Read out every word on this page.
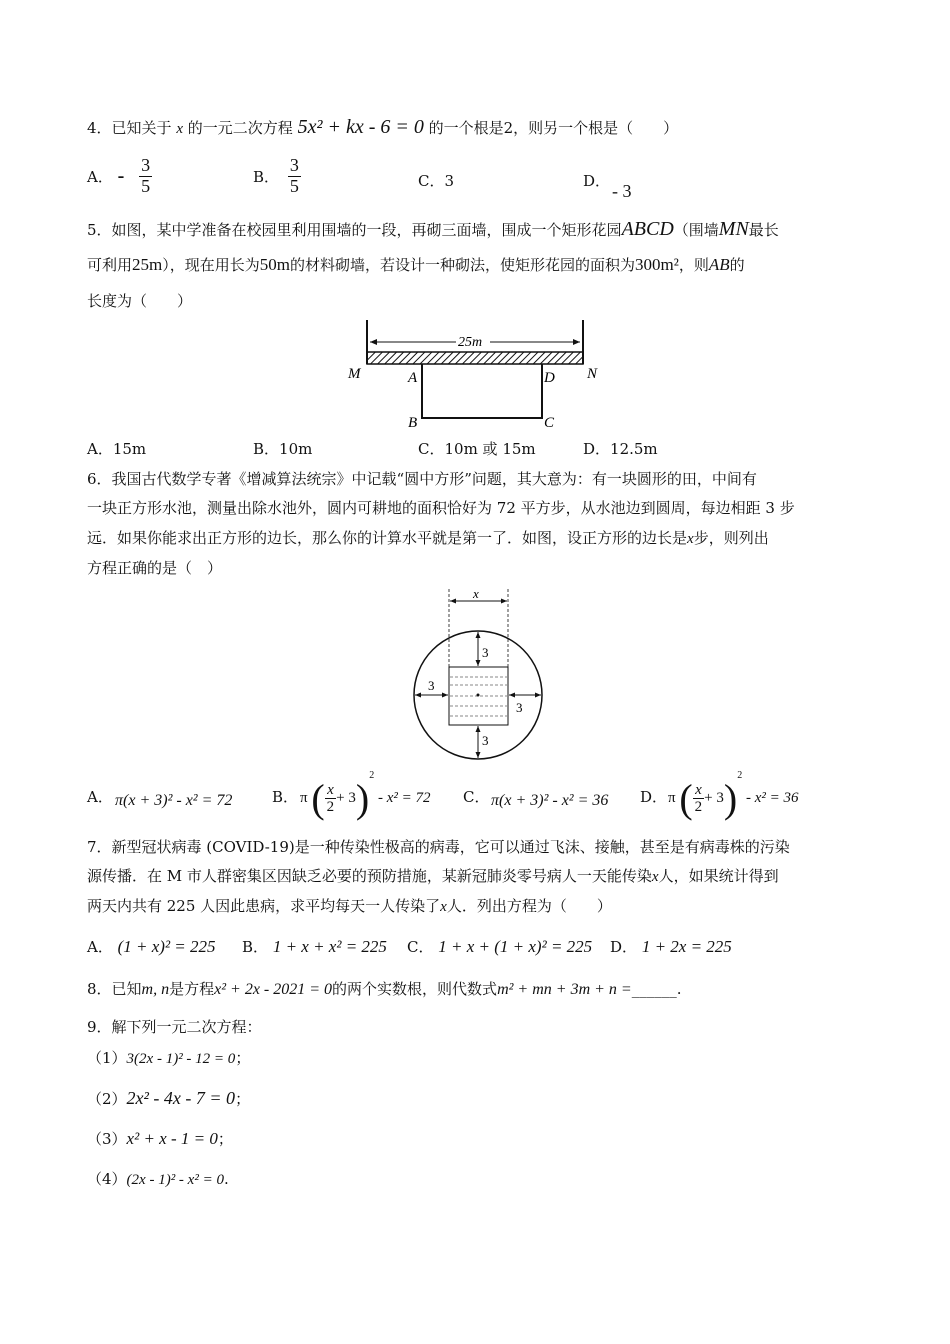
4．已知关于 x 的一元二次方程 5x² + kx - 6 = 0 的一个根是2，则另一个根是（　　）
A． - $\frac{3}{5}$	B． $\frac{3}{5}$	C．3	D． - 3
5．如图，某中学准备在校园里利用围墙的一段，再砌三面墙，围成一个矩形花园ABCD（围墙MN最长
可利用25m），现在用长为50m的材料砌墙，若设计一种砌法，使矩形花园的面积为300m²，则AB的
长度为（　　）
25m
M	N
A	D
B	C
A．15m	B．10m	C．10m 或 15m	D．12.5m
6．我国古代数学专著《增减算法统宗》中记载“圆中方形”问题，其大意为：有一块圆形的田，中间有
一块正方形水池，测量出除水池外，圆内可耕地的面积恰好为 72 平方步，从水池边到圆周，每边相距 3 步
远．如果你能求出正方形的边长，那么你的计算水平就是第一了．如图，设正方形的边长是x步，则列出
方程正确的是（　）
x
3
3
3
3
A． π(x + 3)² - x² = 72	B． π ( $\frac{x}{2} + 3)^2 - x^2 = 72$ C． π(x + 3)² - x² = 36 D． π ( $\frac{x}{2} + 3)^2 - x^2 = 36$
7．新型冠状病毒 (COVID-19)是一种传染性极高的病毒，它可以通过飞沫、接触，甚至是有病毒株的污染
源传播．在 M 市人群密集区因缺乏必要的预防措施，某新冠肺炎零号病人一天能传染x人，如果统计得到
两天内共有 225 人因此患病，求平均每天一人传染了x人．列出方程为（　　）
A． (1 + x)² = 225 B． 1 + x + x² = 225 C． 1 + x + (1 + x)² = 225 D． 1 + 2x = 225
8．已知m, n是方程x² + 2x - 2021 = 0的两个实数根，则代数式m² + mn + 3m + n =______.
9．解下列一元二次方程：
（1）3(2x - 1)² - 12 = 0；
（2）2x² - 4x - 7 = 0；
（3）x² + x - 1 = 0；
（4）(2x - 1)² - x² = 0.
